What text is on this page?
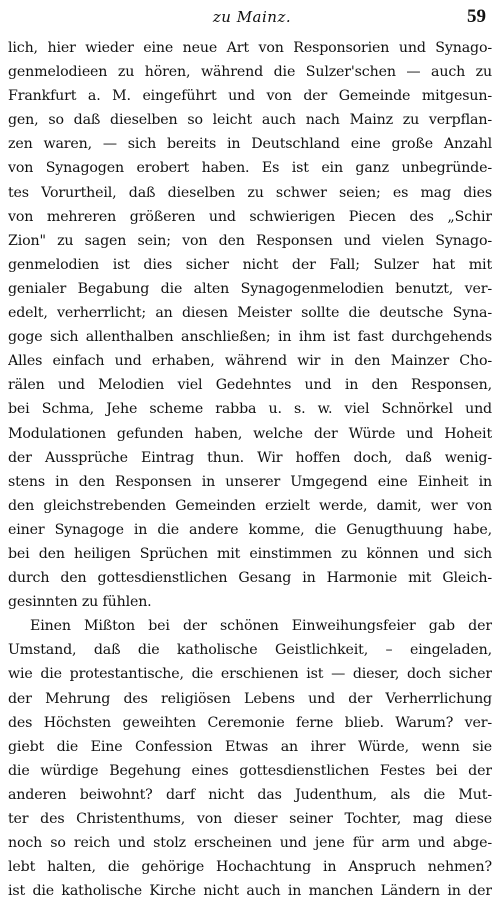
zu Mainz.	59
lich, hier wieder eine neue Art von Responsorien und Synago-
genmelodieen zu hören, während die Sulzer'schen — auch zu
Frankfurt a. M. eingeführt und von der Gemeinde mitgesun-
gen, so daß dieselben so leicht auch nach Mainz zu verpflan-
zen waren, — sich bereits in Deutschland eine große Anzahl
von Synagogen erobert haben. Es ist ein ganz unbegründe-
tes Vorurtheil, daß dieselben zu schwer seien; es mag dies
von mehreren größeren und schwierigen Piecen des „Schir
Zion" zu sagen sein; von den Responsen und vielen Synago-
genmelodien ist dies sicher nicht der Fall; Sulzer hat mit
genialer Begabung die alten Synagogenmelodien benutzt, ver-
edelt, verherrlicht; an diesen Meister sollte die deutsche Syna-
goge sich allenthalben anschließen; in ihm ist fast durchgehends
Alles einfach und erhaben, während wir in den Mainzer Cho-
rälen und Melodien viel Gedehntes und in den Responsen,
bei Schma, Jehe scheme rabba u. s. w. viel Schnörkel und
Modulationen gefunden haben, welche der Würde und Hoheit
der Aussprüche Eintrag thun. Wir hoffen doch, daß wenig-
stens in den Responsen in unserer Umgegend eine Einheit in
den gleichstrebenden Gemeinden erzielt werde, damit, wer von
einer Synagoge in die andere komme, die Genugthuung habe,
bei den heiligen Sprüchen mit einstimmen zu können und sich
durch den gottesdienstlichen Gesang in Harmonie mit Gleich-
gesinnten zu fühlen.
Einen Mißton bei der schönen Einweihungsfeier gab der
Umstand, daß die katholische Geistlichkeit, – eingeladen,
wie die protestantische, die erschienen ist — dieser, doch sicher
der Mehrung des religiösen Lebens und der Verherrlichung
des Höchsten geweihten Ceremonie ferne blieb. Warum? ver-
giebt die Eine Confession Etwas an ihrer Würde, wenn sie
die würdige Begehung eines gottesdienstlichen Festes bei der
anderen beiwohnt? darf nicht das Judenthum, als die Mut-
ter des Christenthums, von dieser seiner Tochter, mag diese
noch so reich und stolz erscheinen und jene für arm und abge-
lebt halten, die gehörige Hochachtung in Anspruch nehmen?
ist die katholische Kirche nicht auch in manchen Ländern in der
